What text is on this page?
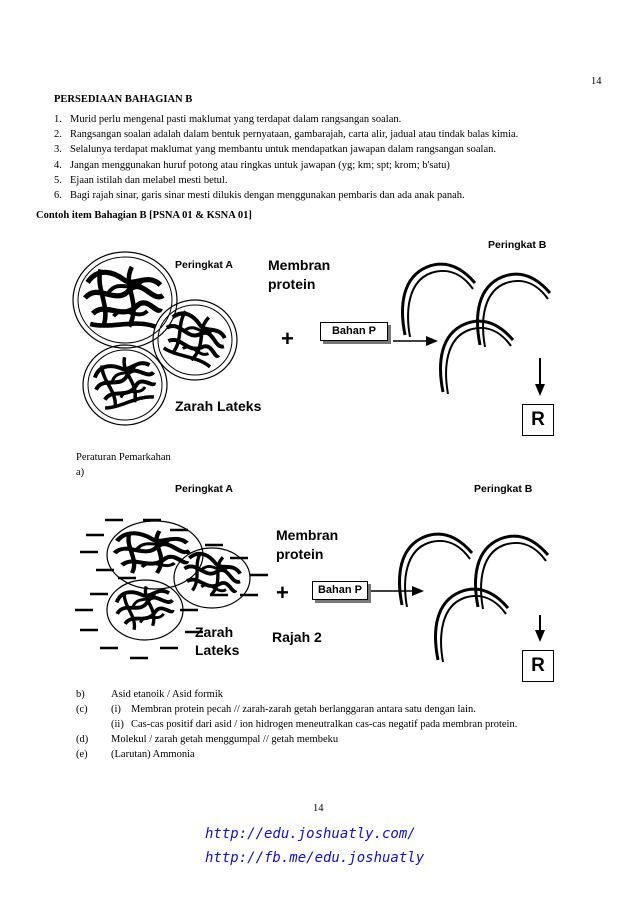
14
PERSEDIAAN BAHAGIAN B
1. Murid perlu mengenal pasti maklumat yang terdapat dalam rangsangan soalan.
2. Rangsangan soalan adalah dalam bentuk pernyataan, gambarajah, carta alir, jadual atau tindak balas kimia.
3. Selalunya terdapat maklumat yang membantu untuk mendapatkan jawapan dalam rangsangan soalan.
4. Jangan menggunakan huruf potong atau ringkas untuk jawapan (yg; km; spt; krom; b'satu)
5. Ejaan istilah dan melabel mesti betul.
6. Bagi rajah sinar, garis sinar mesti dilukis dengan menggunakan pembaris dan ada anak panah.
Contoh item Bahagian B [PSNA 01 & KSNA 01]
Peringkat A
Peringkat B
Membran
protein
+	Bahan P
Zarah Lateks
R
Peraturan Pemarkahan
a)
Peringkat A	Peringkat B
Membran
protein
+	Bahan P
Zarah
Lateks
Rajah 2
R
b)	Asid etanoik / Asid formik
(c) (i) Membran protein pecah // zarah-zarah getah berlanggaran antara satu dengan lain.
(ii) Cas-cas positif dari asid / ion hidrogen meneutralkan cas-cas negatif pada membran protein.
(d) Molekul / zarah getah menggumpal // getah membeku
(e) (Larutan) Ammonia
14
http://edu.joshuatly.com/
http://fb.me/edu.joshuatly
